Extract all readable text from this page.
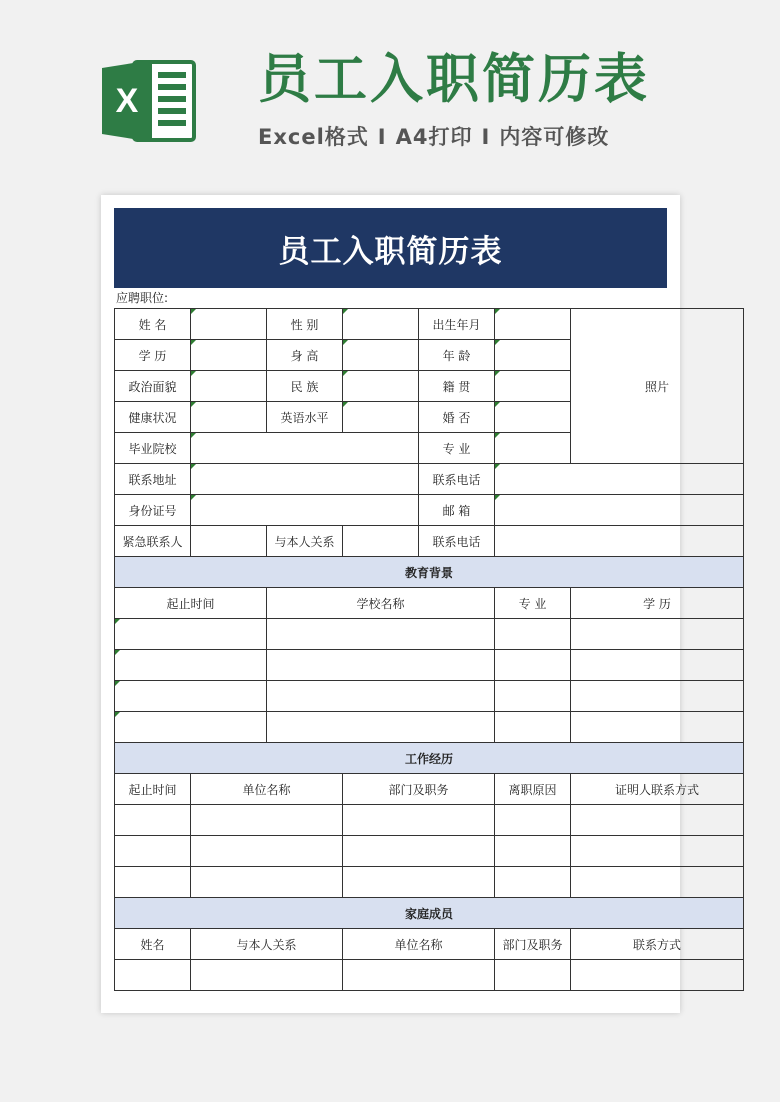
X 员工入职简历表
Excel格式 I A4打印 I 内容可修改
员工入职简历表
应聘职位:
姓 名		性 别		出生年月		照片
学 历		身 高		年 龄		
政治面貌		民 族		籍 贯		
健康状况		英语水平		婚 否		
毕业院校				专 业		
联系地址				联系电话		
身份证号				邮 箱		
紧急联系人		与本人关系		联系电话		
教育背景						
起止时间		学校名称			专 业	学 历

工作经历						
起止时间	单位名称		部门及职务		离职原因	证明人联系方式

家庭成员						
姓名	与本人关系		单位名称		部门及职务	联系方式
